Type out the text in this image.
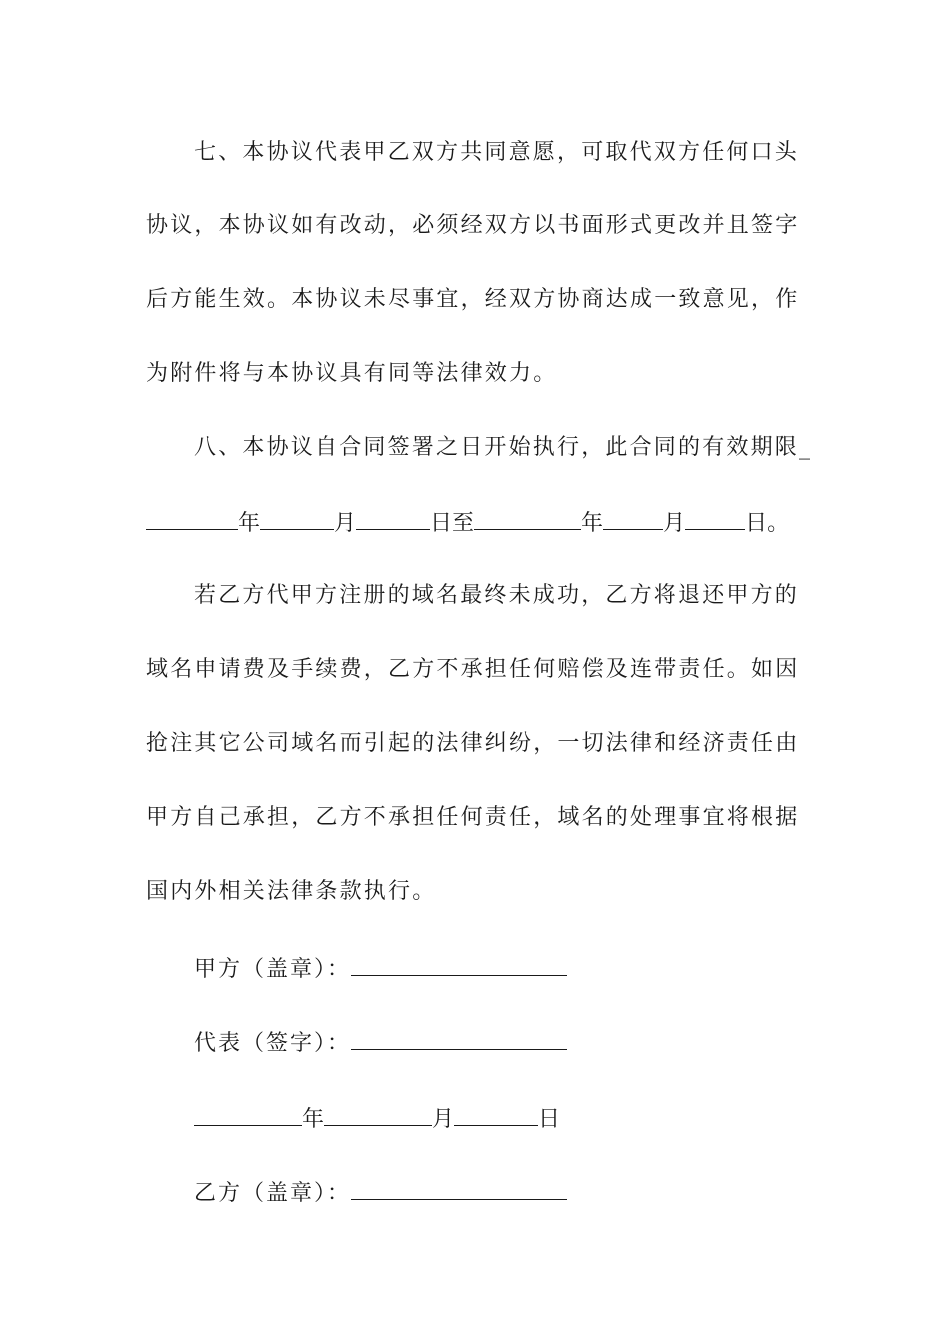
七、本协议代表甲乙双方共同意愿，可取代双方任何口头
协议，本协议如有改动，必须经双方以书面形式更改并且签字
后方能生效。本协议未尽事宜，经双方协商达成一致意见，作
为附件将与本协议具有同等法律效力。
八、本协议自合同签署之日开始执行，此合同的有效期限_
年	月	日至	年	月	日。
若乙方代甲方注册的域名最终未成功，乙方将退还甲方的
域名申请费及手续费，乙方不承担任何赔偿及连带责任。如因
抢注其它公司域名而引起的法律纠纷，一切法律和经济责任由
甲方自己承担，乙方不承担任何责任，域名的处理事宜将根据
国内外相关法律条款执行。
甲方（盖章）：
代表（签字）：
年	月	日
乙方（盖章）：
